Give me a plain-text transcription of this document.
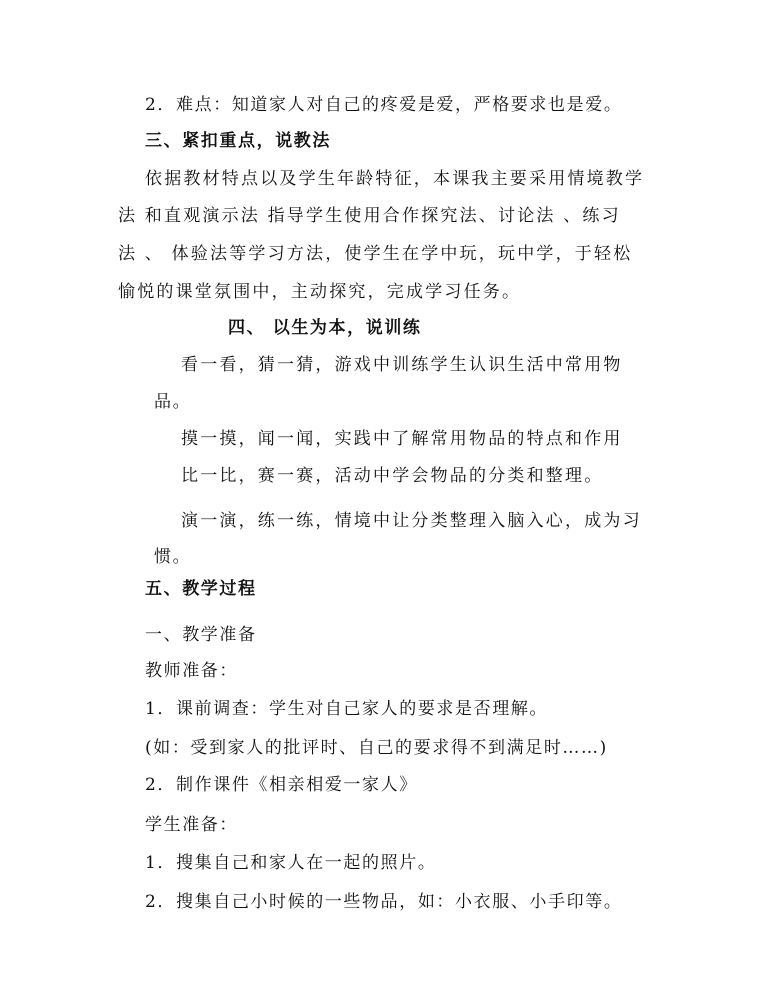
2．难点：知道家人对自己的疼爱是爱，严格要求也是爱。
三、紧扣重点，说教法
依据教材特点以及学生年龄特征，本课我主要采用情境教学
法 和直观演示法 指导学生使用合作探究法、讨论法 、练习
法 、 体验法等学习方法，使学生在学中玩，玩中学，于轻松
愉悦的课堂氛围中，主动探究，完成学习任务。
四、 以生为本，说训练
看一看，猜一猜，游戏中训练学生认识生活中常用物
品。
摸一摸，闻一闻，实践中了解常用物品的特点和作用
比一比，赛一赛，活动中学会物品的分类和整理。
演一演，练一练，情境中让分类整理入脑入心，成为习
惯。
五、教学过程
一、教学准备
教师准备：
1．课前调查：学生对自己家人的要求是否理解。
(如：受到家人的批评时、自己的要求得不到满足时……)
2．制作课件《相亲相爱一家人》
学生准备：
1．搜集自己和家人在一起的照片。
2．搜集自己小时候的一些物品，如：小衣服、小手印等。
